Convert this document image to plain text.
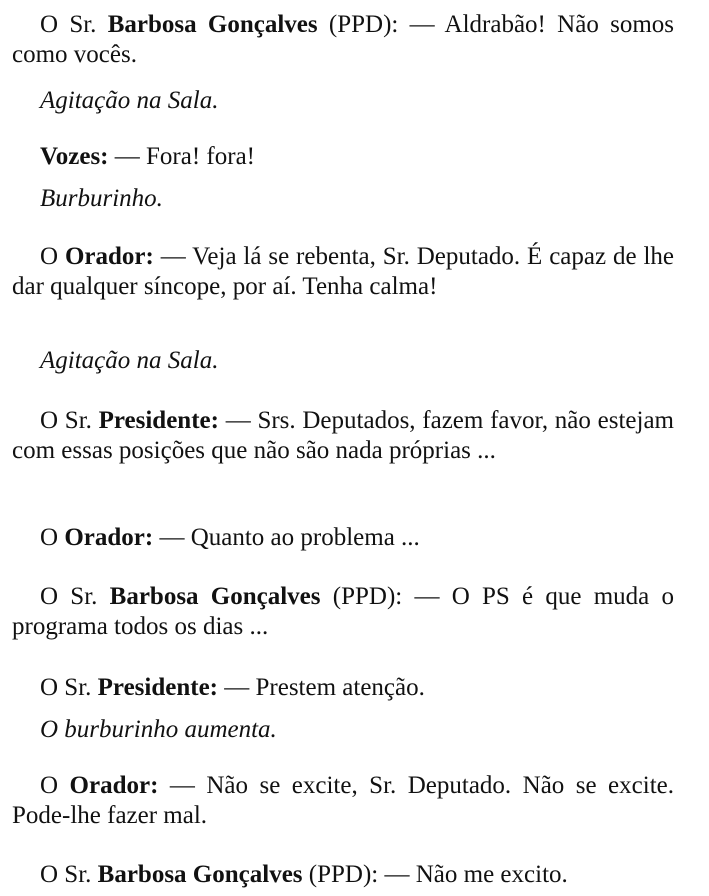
O Sr. Barbosa Gonçalves (PPD): — Aldrabão! Não somos como vocês.

Agitação na Sala.

Vozes: — Fora! fora!

Burburinho.

O Orador: — Veja lá se rebenta, Sr. Deputado. É capaz de lhe dar qualquer síncope, por aí. Tenha calma!

Agitação na Sala.

O Sr. Presidente: — Srs. Deputados, fazem favor, não estejam com essas posições que não são nada próprias ...

O Orador: — Quanto ao problema ...

O Sr. Barbosa Gonçalves (PPD): — O PS é que muda o programa todos os dias ...

O Sr. Presidente: — Prestem atenção.

O burburinho aumenta.

O Orador: — Não se excite, Sr. Deputado. Não se excite. Pode-lhe fazer mal.

O Sr. Barbosa Gonçalves (PPD): — Não me excito.
